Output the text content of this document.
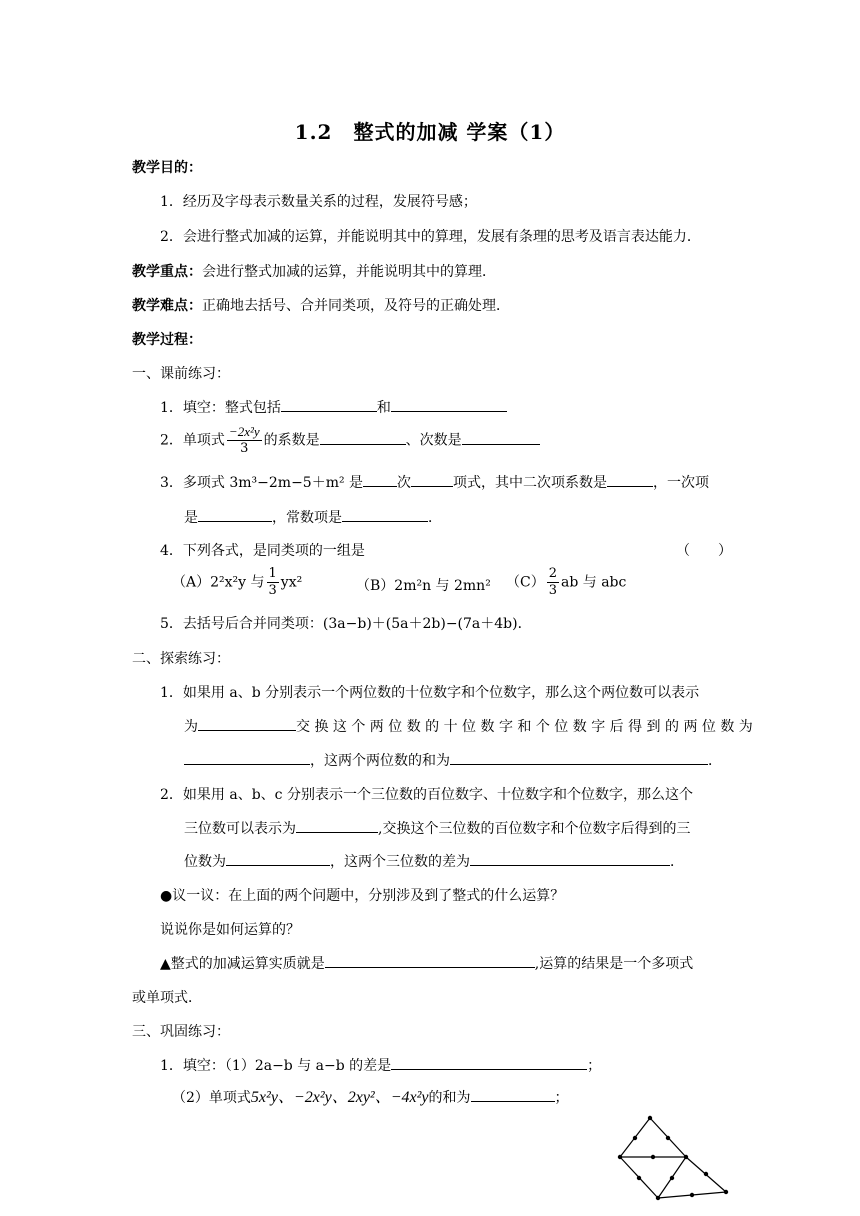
1.2　整式的加减 学案（1）
教学目的：
1．经历及字母表示数量关系的过程，发展符号感；
2．会进行整式加减的运算，并能说明其中的算理，发展有条理的思考及语言表达能力．
教学重点：会进行整式加减的运算，并能说明其中的算理．
教学难点：正确地去括号、合并同类项，及符号的正确处理．
教学过程：
一、课前练习：
1．填空：整式包括	和
2．单项式 $\frac{\text{−2x²y}}{3}$ 的系数是	、次数是
3．多项式 3m³−2m−5＋m² 是 次	项式，其中二次项系数是	，一次项
是	，常数项是	．
4．下列各式，是同类项的一组是	（　　）
（A）2²x²y 与 $\frac{1}{3} yx^2$	（B）2m²n 与 2mn² $(C) \frac{2}{3}$ ab 与 abc
5．去括号后合并同类项：(3a−b)＋(5a＋2b)−(7a＋4b)．
二、探索练习：
1．如果用 a、b 分别表示一个两位数的十位数字和个位数字，那么这个两位数可以表示
为	交 换 这 个 两 位 数 的 十 位 数 字 和 个 位 数 字 后 得 到 的 两 位 数 为
，这两个两位数的和为	．
2．如果用 a、b、c 分别表示一个三位数的百位数字、十位数字和个位数字，那么这个
三位数可以表示为	,交换这个三位数的百位数字和个位数字后得到的三
位数为	，这两个三位数的差为	．
●议一议：在上面的两个问题中，分别涉及到了整式的什么运算？
说说你是如何运算的？
▲整式的加减运算实质就是	,运算的结果是一个多项式
或单项式．
三、巩固练习：
1．填空：（1）2a−b 与 a−b 的差是	；
（2）单项式5x²y、−2x²y、2xy²、−4x²y的和为	；
